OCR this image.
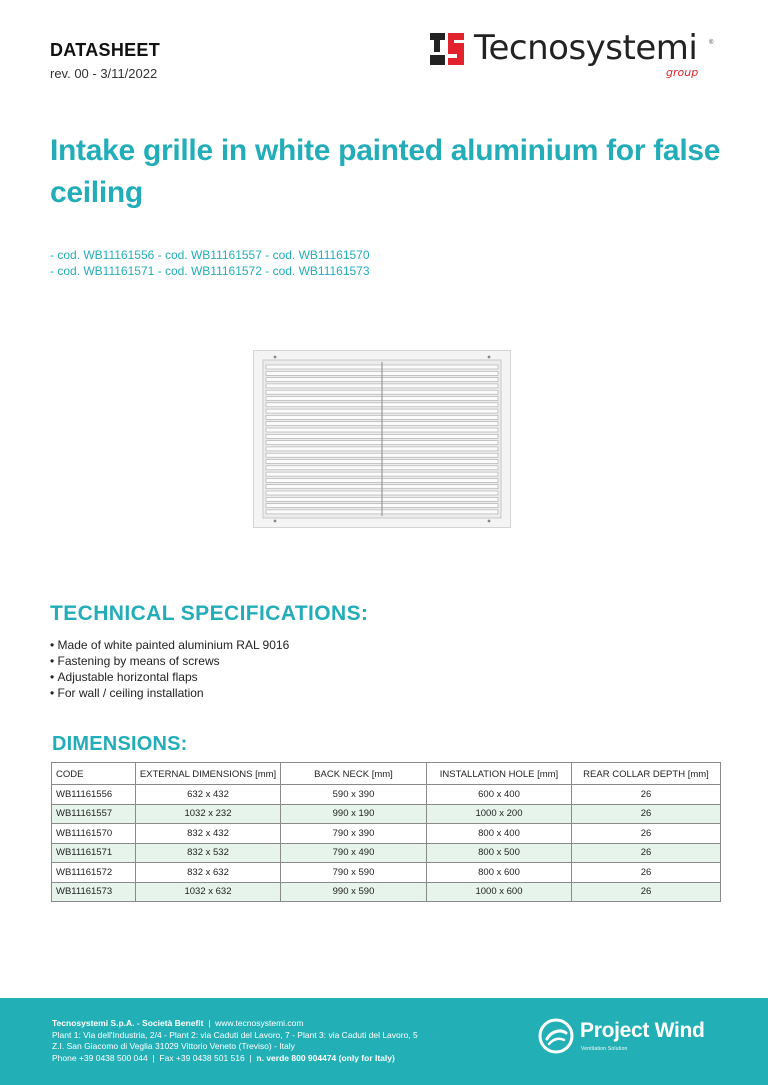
DATASHEET
rev. 00 - 3/11/2022
Tecnosystemi ®
group
Intake grille in white painted aluminium for false ceiling
- cod. WB11161556 - cod. WB11161557 - cod. WB11161570
- cod. WB11161571 - cod. WB11161572 - cod. WB11161573
TECHNICAL SPECIFICATIONS:
• Made of white painted aluminium RAL 9016
• Fastening by means of screws
• Adjustable horizontal flaps
• For wall / ceiling installation
DIMENSIONS:
CODE	EXTERNAL DIMENSIONS [mm]	BACK NECK [mm]	INSTALLATION HOLE [mm]	REAR COLLAR DEPTH [mm]
WB11161556	632 x 432	590 x 390	600 x 400	26
WB11161557	1032 x 232	990 x 190	1000 x 200	26
WB11161570	832 x 432	790 x 390	800 x 400	26
WB11161571	832 x 532	790 x 490	800 x 500	26
WB11161572	832 x 632	790 x 590	800 x 600	26
WB11161573	1032 x 632	990 x 590	1000 x 600	26
Tecnosystemi S.p.A. - Società Benefit | www.tecnosystemi.com
Plant 1: Via dell'Industria, 2/4 - Plant 2: via Caduti del Lavoro, 7 - Plant 3: via Caduti del Lavoro, 5
Z.I. San Giacomo di Veglia 31029 Vittorio Veneto (Treviso) - Italy
Phone +39 0438 500 044 | Fax +39 0438 501 516 | n. verde 800 904474 (only for Italy)
Project Wind
Ventilation Solution
